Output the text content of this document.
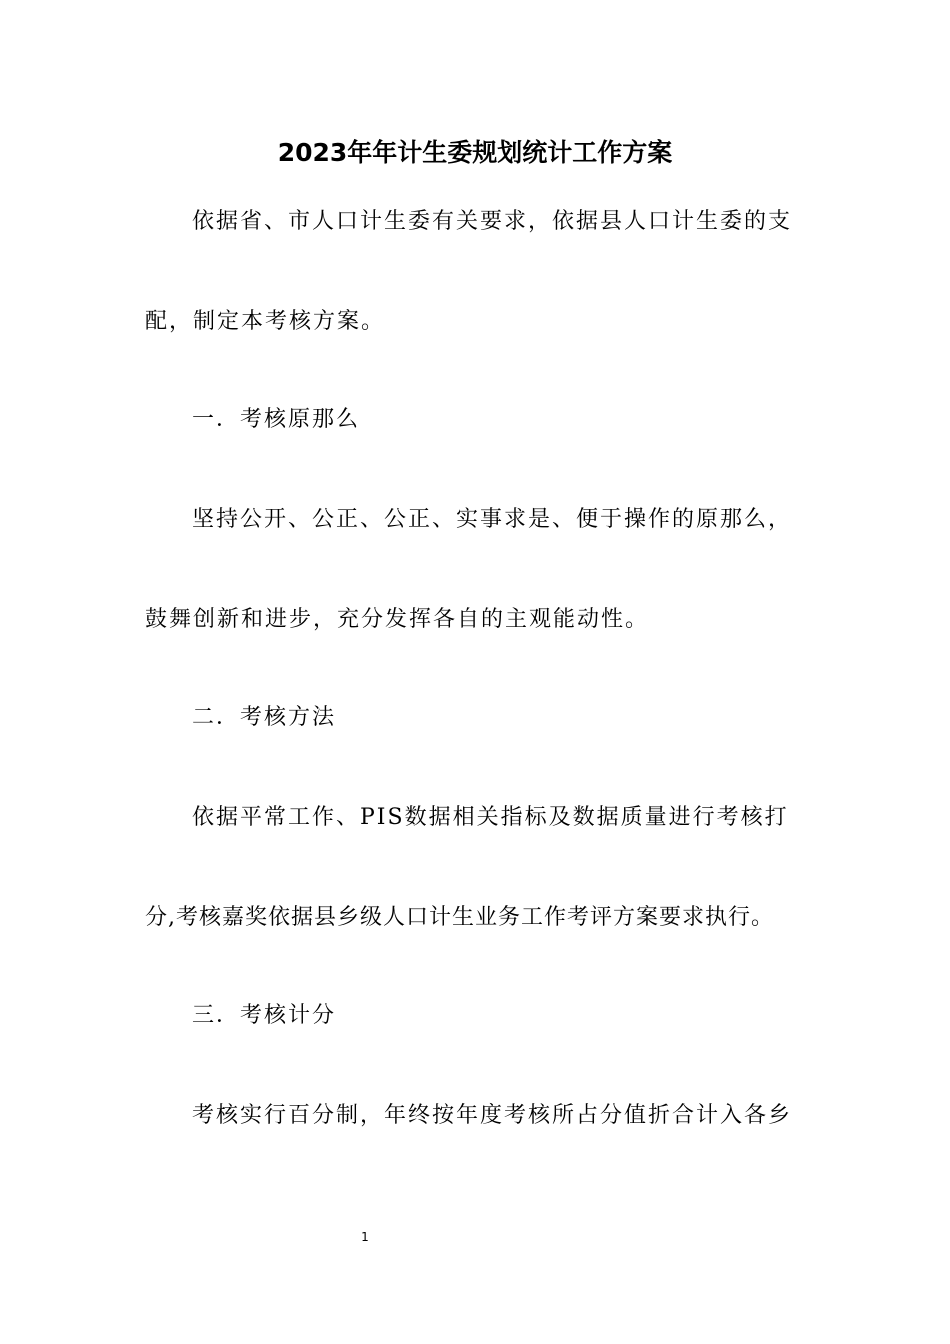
2023年年计生委规划统计工作方案
依据省、市人口计生委有关要求，依据县人口计生委的支
配，制定本考核方案。
一．考核原那么
坚持公开、公正、公正、实事求是、便于操作的原那么，
鼓舞创新和进步，充分发挥各自的主观能动性。
二．考核方法
依据平常工作、PIS数据相关指标及数据质量进行考核打
分,考核嘉奖依据县乡级人口计生业务工作考评方案要求执行。
三．考核计分
考核实行百分制，年终按年度考核所占分值折合计入各乡
1
